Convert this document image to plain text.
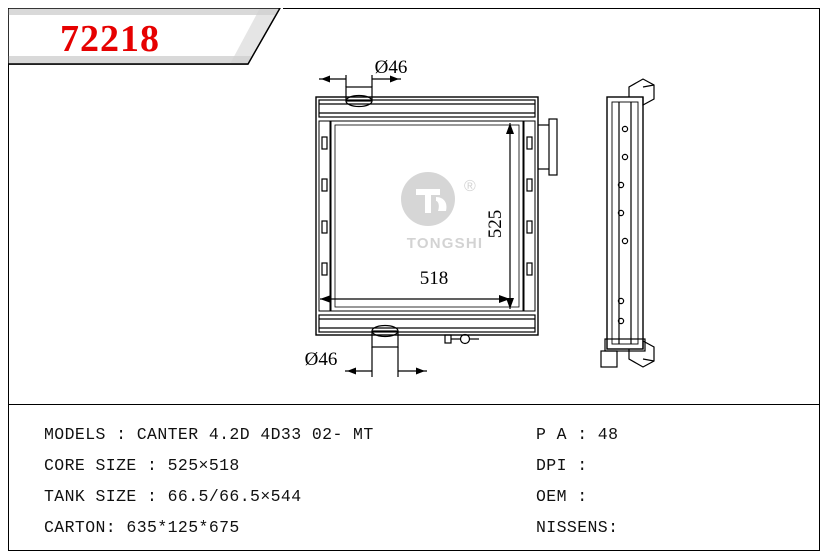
Ø46
Ø46
518
525
®
TONGSHI
MODELS : CANTER 4.2D 4D33 02- MT
CORE SIZE : 525×518
TANK SIZE : 66.5/66.5×544
CARTON: 635*125*675
P A : 48
DPI :
OEM :
NISSENS:
72218
